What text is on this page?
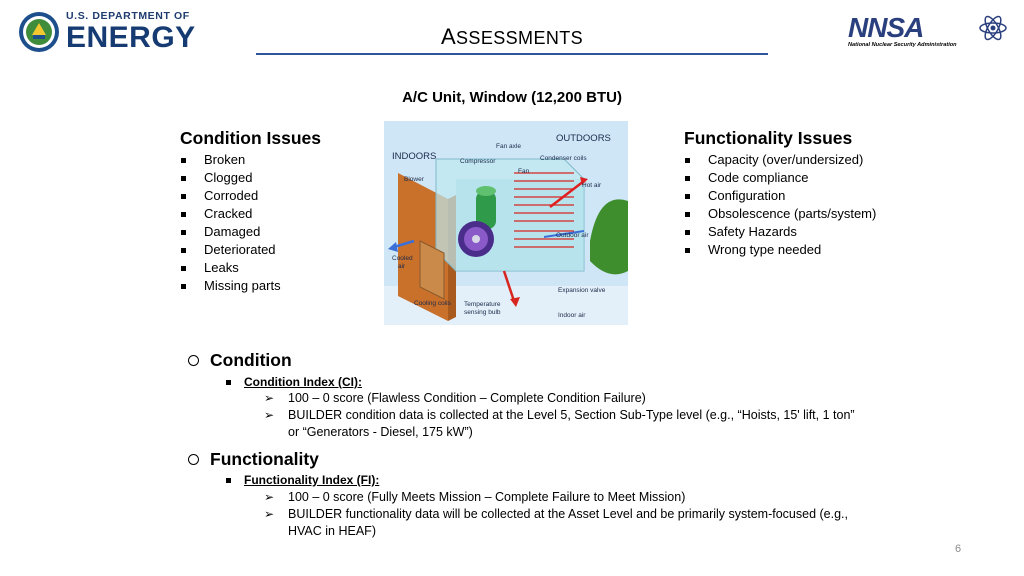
U.S. DEPARTMENT OF
ENERGY	NNSA
National Nuclear Security Administration
ASSESSMENTS
A/C Unit, Window (12,200 BTU)
Condition Issues
Broken
Clogged
Corroded
Cracked
Damaged
Deteriorated
Leaks
Missing parts
INDOORS
OUTDOORS
Fan axle
Compressor	Condenser coils
Fan
Blower
Hot air
Outdoor air
Cooled
air
Expansion valve
Cooling coils Temperature
sensing bulb	Indoor air
Functionality Issues
Capacity (over/undersized)
Code compliance
Configuration
Obsolescence (parts/system)
Safety Hazards
Wrong type needed
Condition
Condition Index (CI):
➢ 100 – 0 score (Flawless Condition – Complete Condition Failure)
➢ BUILDER condition data is collected at the Level 5, Section Sub-Type level (e.g., “Hoists, 15' lift, 1 ton”
or “Generators - Diesel, 175 kW”)
Functionality
Functionality Index (FI):
➢ 100 – 0 score (Fully Meets Mission – Complete Failure to Meet Mission)
➢ BUILDER functionality data will be collected at the Asset Level and be primarily system-focused (e.g.,
HVAC in HEAF)
6
